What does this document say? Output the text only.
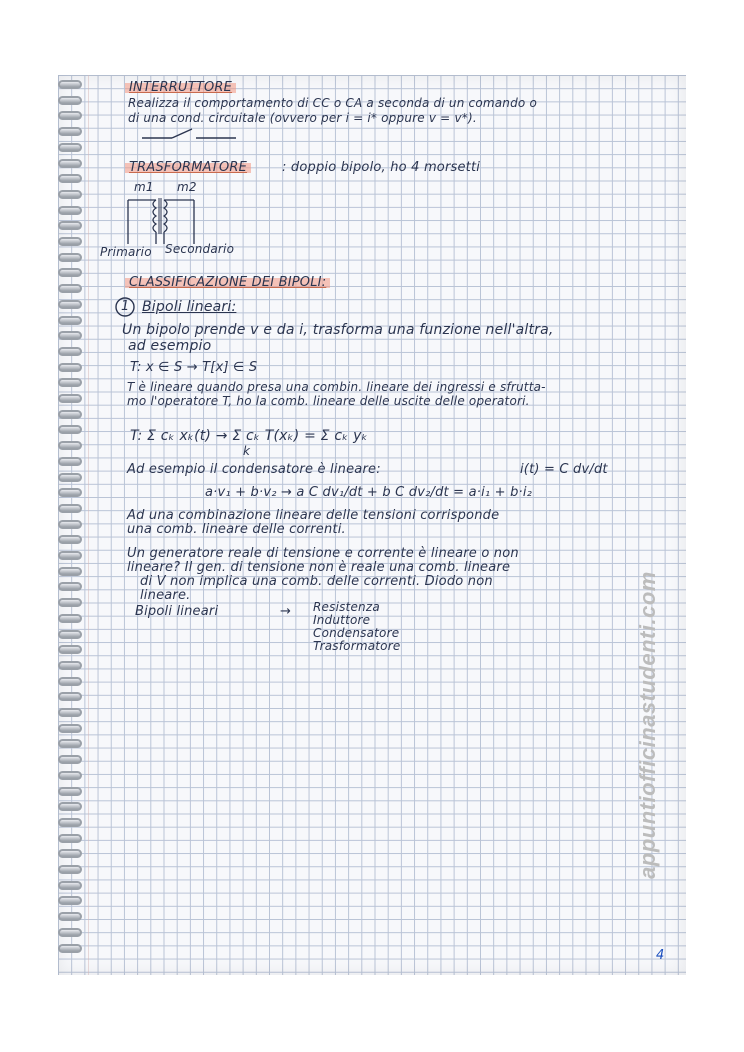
INTERRUTTORE
Realizza il comportamento di CC o CA a seconda di un comando o
di una cond. circuitale (ovvero per i = i* oppure v = v*).
TRASFORMATORE	: doppio bipolo, ho 4 morsetti
m1 m2
Primario Secondario
CLASSIFICAZIONE DEI BIPOLI:
1 Bipoli lineari:
Un bipolo prende v e da i, trasforma una funzione nell'altra,
ad esempio
T: x ∈ S → T[x] ∈ S
T è lineare quando presa una combin. lineare dei ingressi e sfrutta-
mo l'operatore T, ho la comb. lineare delle uscite delle operatori.
T: Σ cₖ xₖ(t) → Σ cₖ T(xₖ) = Σ cₖ yₖ
k
Ad esempio il condensatore è lineare:	i(t) = C dv/dt
a·v₁ + b·v₂ → a C dv₁/dt + b C dv₂/dt = a·i₁ + b·i₂
Ad una combinazione lineare delle tensioni corrisponde
una comb. lineare delle correnti.
Un generatore reale di tensione e corrente è lineare o non
lineare? Il gen. di tensione non è reale una comb. lineare
di V non implica una comb. delle correnti. Diodo non
lineare.
Bipoli lineari	→ Resistenza
Induttore
Condensatore
Trasformatore	appuntiofficinastudenti.com
4
